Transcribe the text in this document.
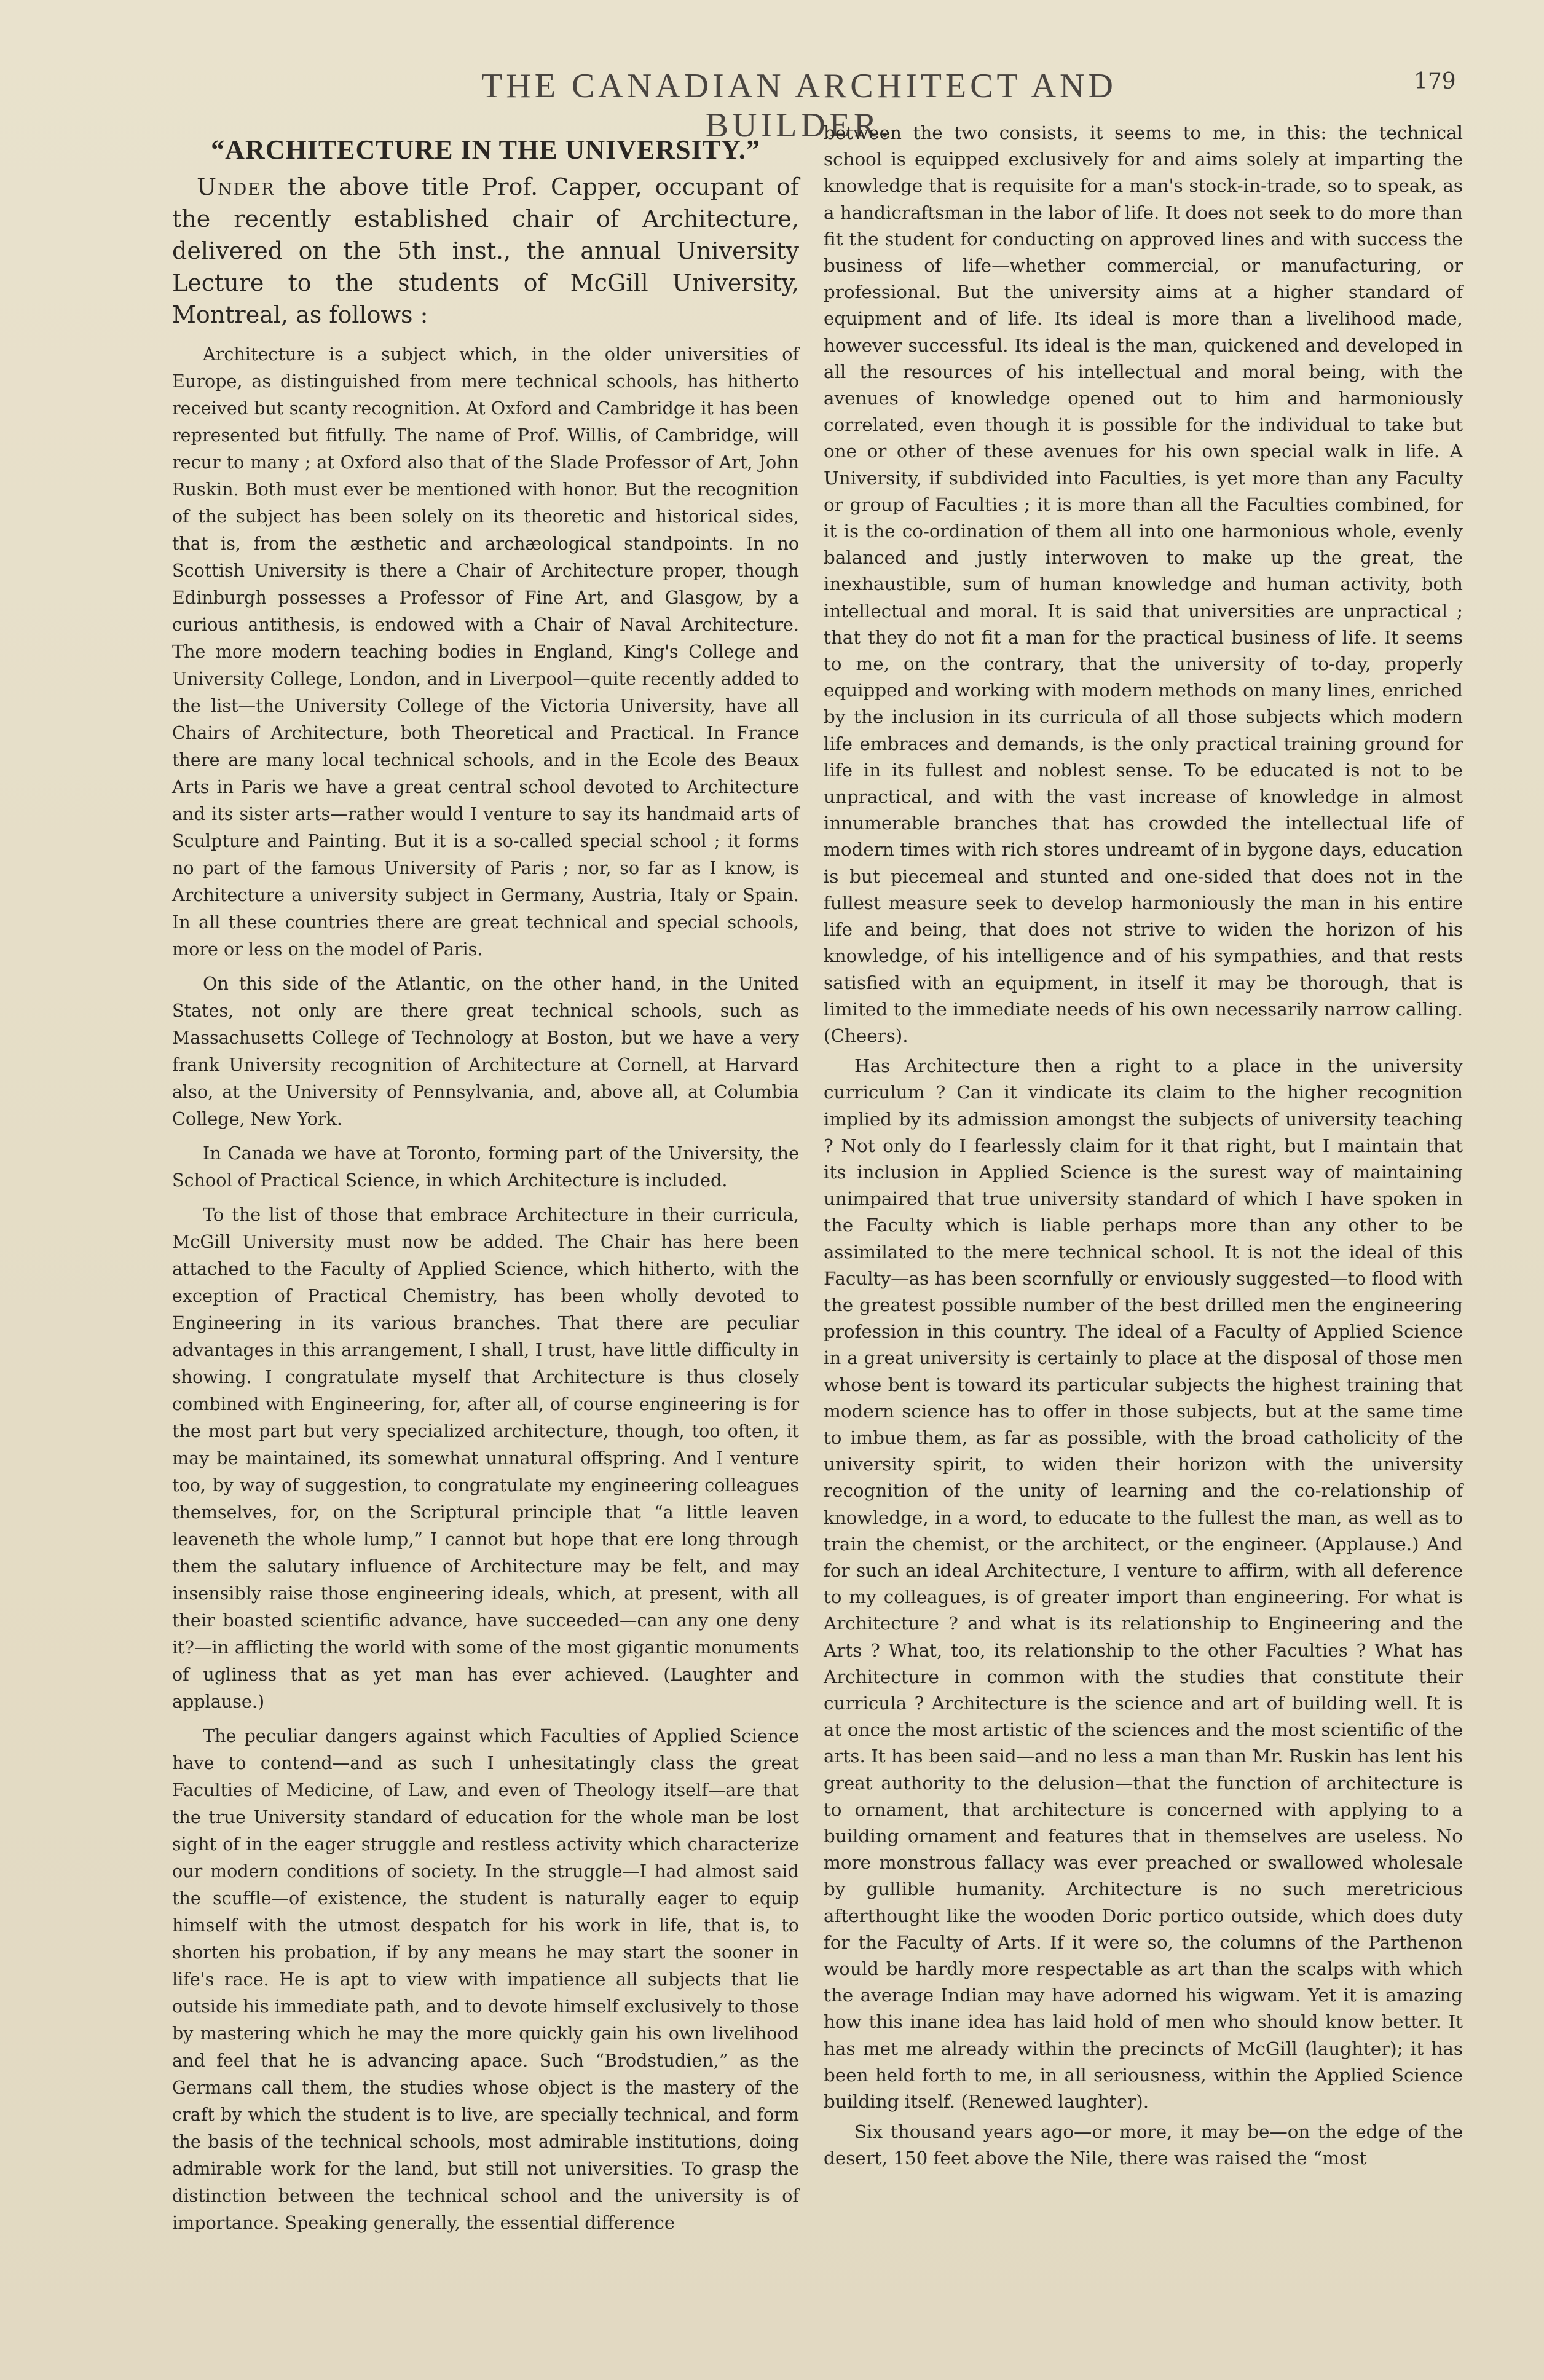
THE CANADIAN ARCHITECT AND BUILDER.
179
“ARCHITECTURE IN THE UNIVERSITY.”

Under the above title Prof. Capper, occupant of the recently established chair of Architecture, delivered on the 5th inst., the annual University Lecture to the students of McGill University, Montreal, as follows :

Architecture is a subject which, in the older universities of Europe, as distinguished from mere technical schools, has hitherto received but scanty recognition. At Oxford and Cambridge it has been represented but fitfully. The name of Prof. Willis, of Cambridge, will recur to many ; at Oxford also that of the Slade Professor of Art, John Ruskin. Both must ever be mentioned with honor. But the recognition of the subject has been solely on its theoretic and historical sides, that is, from the æsthetic and archæological standpoints. In no Scottish University is there a Chair of Architecture proper, though Edinburgh possesses a Professor of Fine Art, and Glasgow, by a curious antithesis, is endowed with a Chair of Naval Architecture. The more modern teaching bodies in England, King's College and University College, London, and in Liverpool—quite recently added to the list—the University College of the Victoria University, have all Chairs of Architecture, both Theoretical and Practical. In France there are many local technical schools, and in the Ecole des Beaux Arts in Paris we have a great central school devoted to Architecture and its sister arts—rather would I venture to say its handmaid arts of Sculpture and Painting. But it is a so-called special school ; it forms no part of the famous University of Paris ; nor, so far as I know, is Architecture a university subject in Germany, Austria, Italy or Spain. In all these countries there are great technical and special schools, more or less on the model of Paris.

On this side of the Atlantic, on the other hand, in the United States, not only are there great technical schools, such as Massachusetts College of Technology at Boston, but we have a very frank University recognition of Architecture at Cornell, at Harvard also, at the University of Pennsylvania, and, above all, at Columbia College, New York.

In Canada we have at Toronto, forming part of the University, the School of Practical Science, in which Architecture is included.

To the list of those that embrace Architecture in their curricula, McGill University must now be added. The Chair has here been attached to the Faculty of Applied Science, which hitherto, with the exception of Practical Chemistry, has been wholly devoted to Engineering in its various branches. That there are peculiar advantages in this arrangement, I shall, I trust, have little difficulty in showing. I congratulate myself that Architecture is thus closely combined with Engineering, for, after all, of course engineering is for the most part but very specialized architecture, though, too often, it may be maintained, its somewhat unnatural offspring. And I venture too, by way of suggestion, to congratulate my engineering colleagues themselves, for, on the Scriptural principle that “a little leaven leaveneth the whole lump,” I cannot but hope that ere long through them the salutary influence of Architecture may be felt, and may insensibly raise those engineering ideals, which, at present, with all their boasted scientific advance, have succeeded—can any one deny it?—in afflicting the world with some of the most gigantic monuments of ugliness that as yet man has ever achieved. (Laughter and applause.)

The peculiar dangers against which Faculties of Applied Science have to contend—and as such I unhesitatingly class the great Faculties of Medicine, of Law, and even of Theology itself—are that the true University standard of education for the whole man be lost sight of in the eager struggle and restless activity which characterize our modern conditions of society. In the struggle—I had almost said the scuffle—of existence, the student is naturally eager to equip himself with the utmost despatch for his work in life, that is, to shorten his probation, if by any means he may start the sooner in life's race. He is apt to view with impatience all subjects that lie outside his immediate path, and to devote himself exclusively to those by mastering which he may the more quickly gain his own livelihood and feel that he is advancing apace. Such “Brodstudien,” as the Germans call them, the studies whose object is the mastery of the craft by which the student is to live, are specially technical, and form the basis of the technical schools, most admirable institutions, doing admirable work for the land, but still not universities. To grasp the distinction between the technical school and the university is of importance. Speaking generally, the essential difference

between the two consists, it seems to me, in this: the technical school is equipped exclusively for and aims solely at imparting the knowledge that is requisite for a man's stock-in-trade, so to speak, as a handicraftsman in the labor of life. It does not seek to do more than fit the student for conducting on approved lines and with success the business of life—whether commercial, or manufacturing, or professional. But the university aims at a higher standard of equipment and of life. Its ideal is more than a livelihood made, however successful. Its ideal is the man, quickened and developed in all the resources of his intellectual and moral being, with the avenues of knowledge opened out to him and harmoniously correlated, even though it is possible for the individual to take but one or other of these avenues for his own special walk in life. A University, if subdivided into Faculties, is yet more than any Faculty or group of Faculties ; it is more than all the Faculties combined, for it is the co-ordination of them all into one harmonious whole, evenly balanced and justly interwoven to make up the great, the inexhaustible, sum of human knowledge and human activity, both intellectual and moral. It is said that universities are unpractical ; that they do not fit a man for the practical business of life. It seems to me, on the contrary, that the university of to-day, properly equipped and working with modern methods on many lines, enriched by the inclusion in its curricula of all those subjects which modern life embraces and demands, is the only practical training ground for life in its fullest and noblest sense. To be educated is not to be unpractical, and with the vast increase of knowledge in almost innumerable branches that has crowded the intellectual life of modern times with rich stores undreamt of in bygone days, education is but piecemeal and stunted and one-sided that does not in the fullest measure seek to develop harmoniously the man in his entire life and being, that does not strive to widen the horizon of his knowledge, of his intelligence and of his sympathies, and that rests satisfied with an equipment, in itself it may be thorough, that is limited to the immediate needs of his own necessarily narrow calling. (Cheers).

Has Architecture then a right to a place in the university curriculum ? Can it vindicate its claim to the higher recognition implied by its admission amongst the subjects of university teaching ? Not only do I fearlessly claim for it that right, but I maintain that its inclusion in Applied Science is the surest way of maintaining unimpaired that true university standard of which I have spoken in the Faculty which is liable perhaps more than any other to be assimilated to the mere technical school. It is not the ideal of this Faculty—as has been scornfully or enviously suggested—to flood with the greatest possible number of the best drilled men the engineering profession in this country. The ideal of a Faculty of Applied Science in a great university is certainly to place at the disposal of those men whose bent is toward its particular subjects the highest training that modern science has to offer in those subjects, but at the same time to imbue them, as far as possible, with the broad catholicity of the university spirit, to widen their horizon with the university recognition of the unity of learning and the co-relationship of knowledge, in a word, to educate to the fullest the man, as well as to train the chemist, or the architect, or the engineer. (Applause.) And for such an ideal Architecture, I venture to affirm, with all deference to my colleagues, is of greater import than engineering. For what is Architecture ? and what is its relationship to Engineering and the Arts ? What, too, its relationship to the other Faculties ? What has Architecture in common with the studies that constitute their curricula ? Architecture is the science and art of building well. It is at once the most artistic of the sciences and the most scientific of the arts. It has been said—and no less a man than Mr. Ruskin has lent his great authority to the delusion—that the function of architecture is to ornament, that architecture is concerned with applying to a building ornament and features that in themselves are useless. No more monstrous fallacy was ever preached or swallowed wholesale by gullible humanity. Architecture is no such meretricious afterthought like the wooden Doric portico outside, which does duty for the Faculty of Arts. If it were so, the columns of the Parthenon would be hardly more respectable as art than the scalps with which the average Indian may have adorned his wigwam. Yet it is amazing how this inane idea has laid hold of men who should know better. It has met me already within the precincts of McGill (laughter); it has been held forth to me, in all seriousness, within the Applied Science building itself. (Renewed laughter).

Six thousand years ago—or more, it may be—on the edge of the desert, 150 feet above the Nile, there was raised the “most
